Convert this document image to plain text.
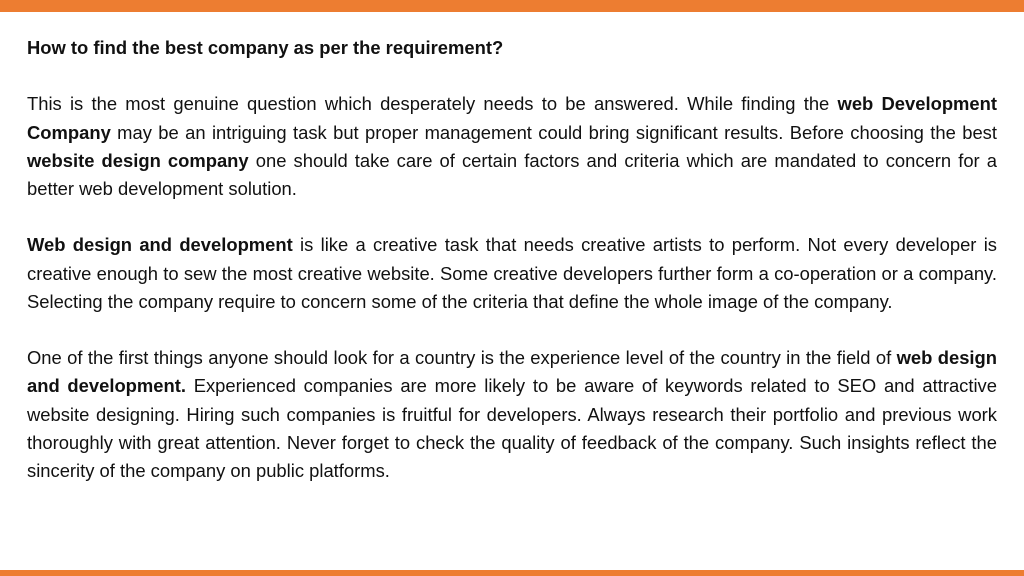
How to find the best company as per the requirement?

This is the most genuine question which desperately needs to be answered. While finding the web Development Company may be an intriguing task but proper management could bring significant results. Before choosing the best website design company one should take care of certain factors and criteria which are mandated to concern for a better web development solution.

Web design and development is like a creative task that needs creative artists to perform. Not every developer is creative enough to sew the most creative website. Some creative developers further form a co-operation or a company. Selecting the company require to concern some of the criteria that define the whole image of the company.

One of the first things anyone should look for a country is the experience level of the country in the field of web design and development. Experienced companies are more likely to be aware of keywords related to SEO and attractive website designing. Hiring such companies is fruitful for developers. Always research their portfolio and previous work thoroughly with great attention. Never forget to check the quality of feedback of the company. Such insights reflect the sincerity of the company on public platforms.
